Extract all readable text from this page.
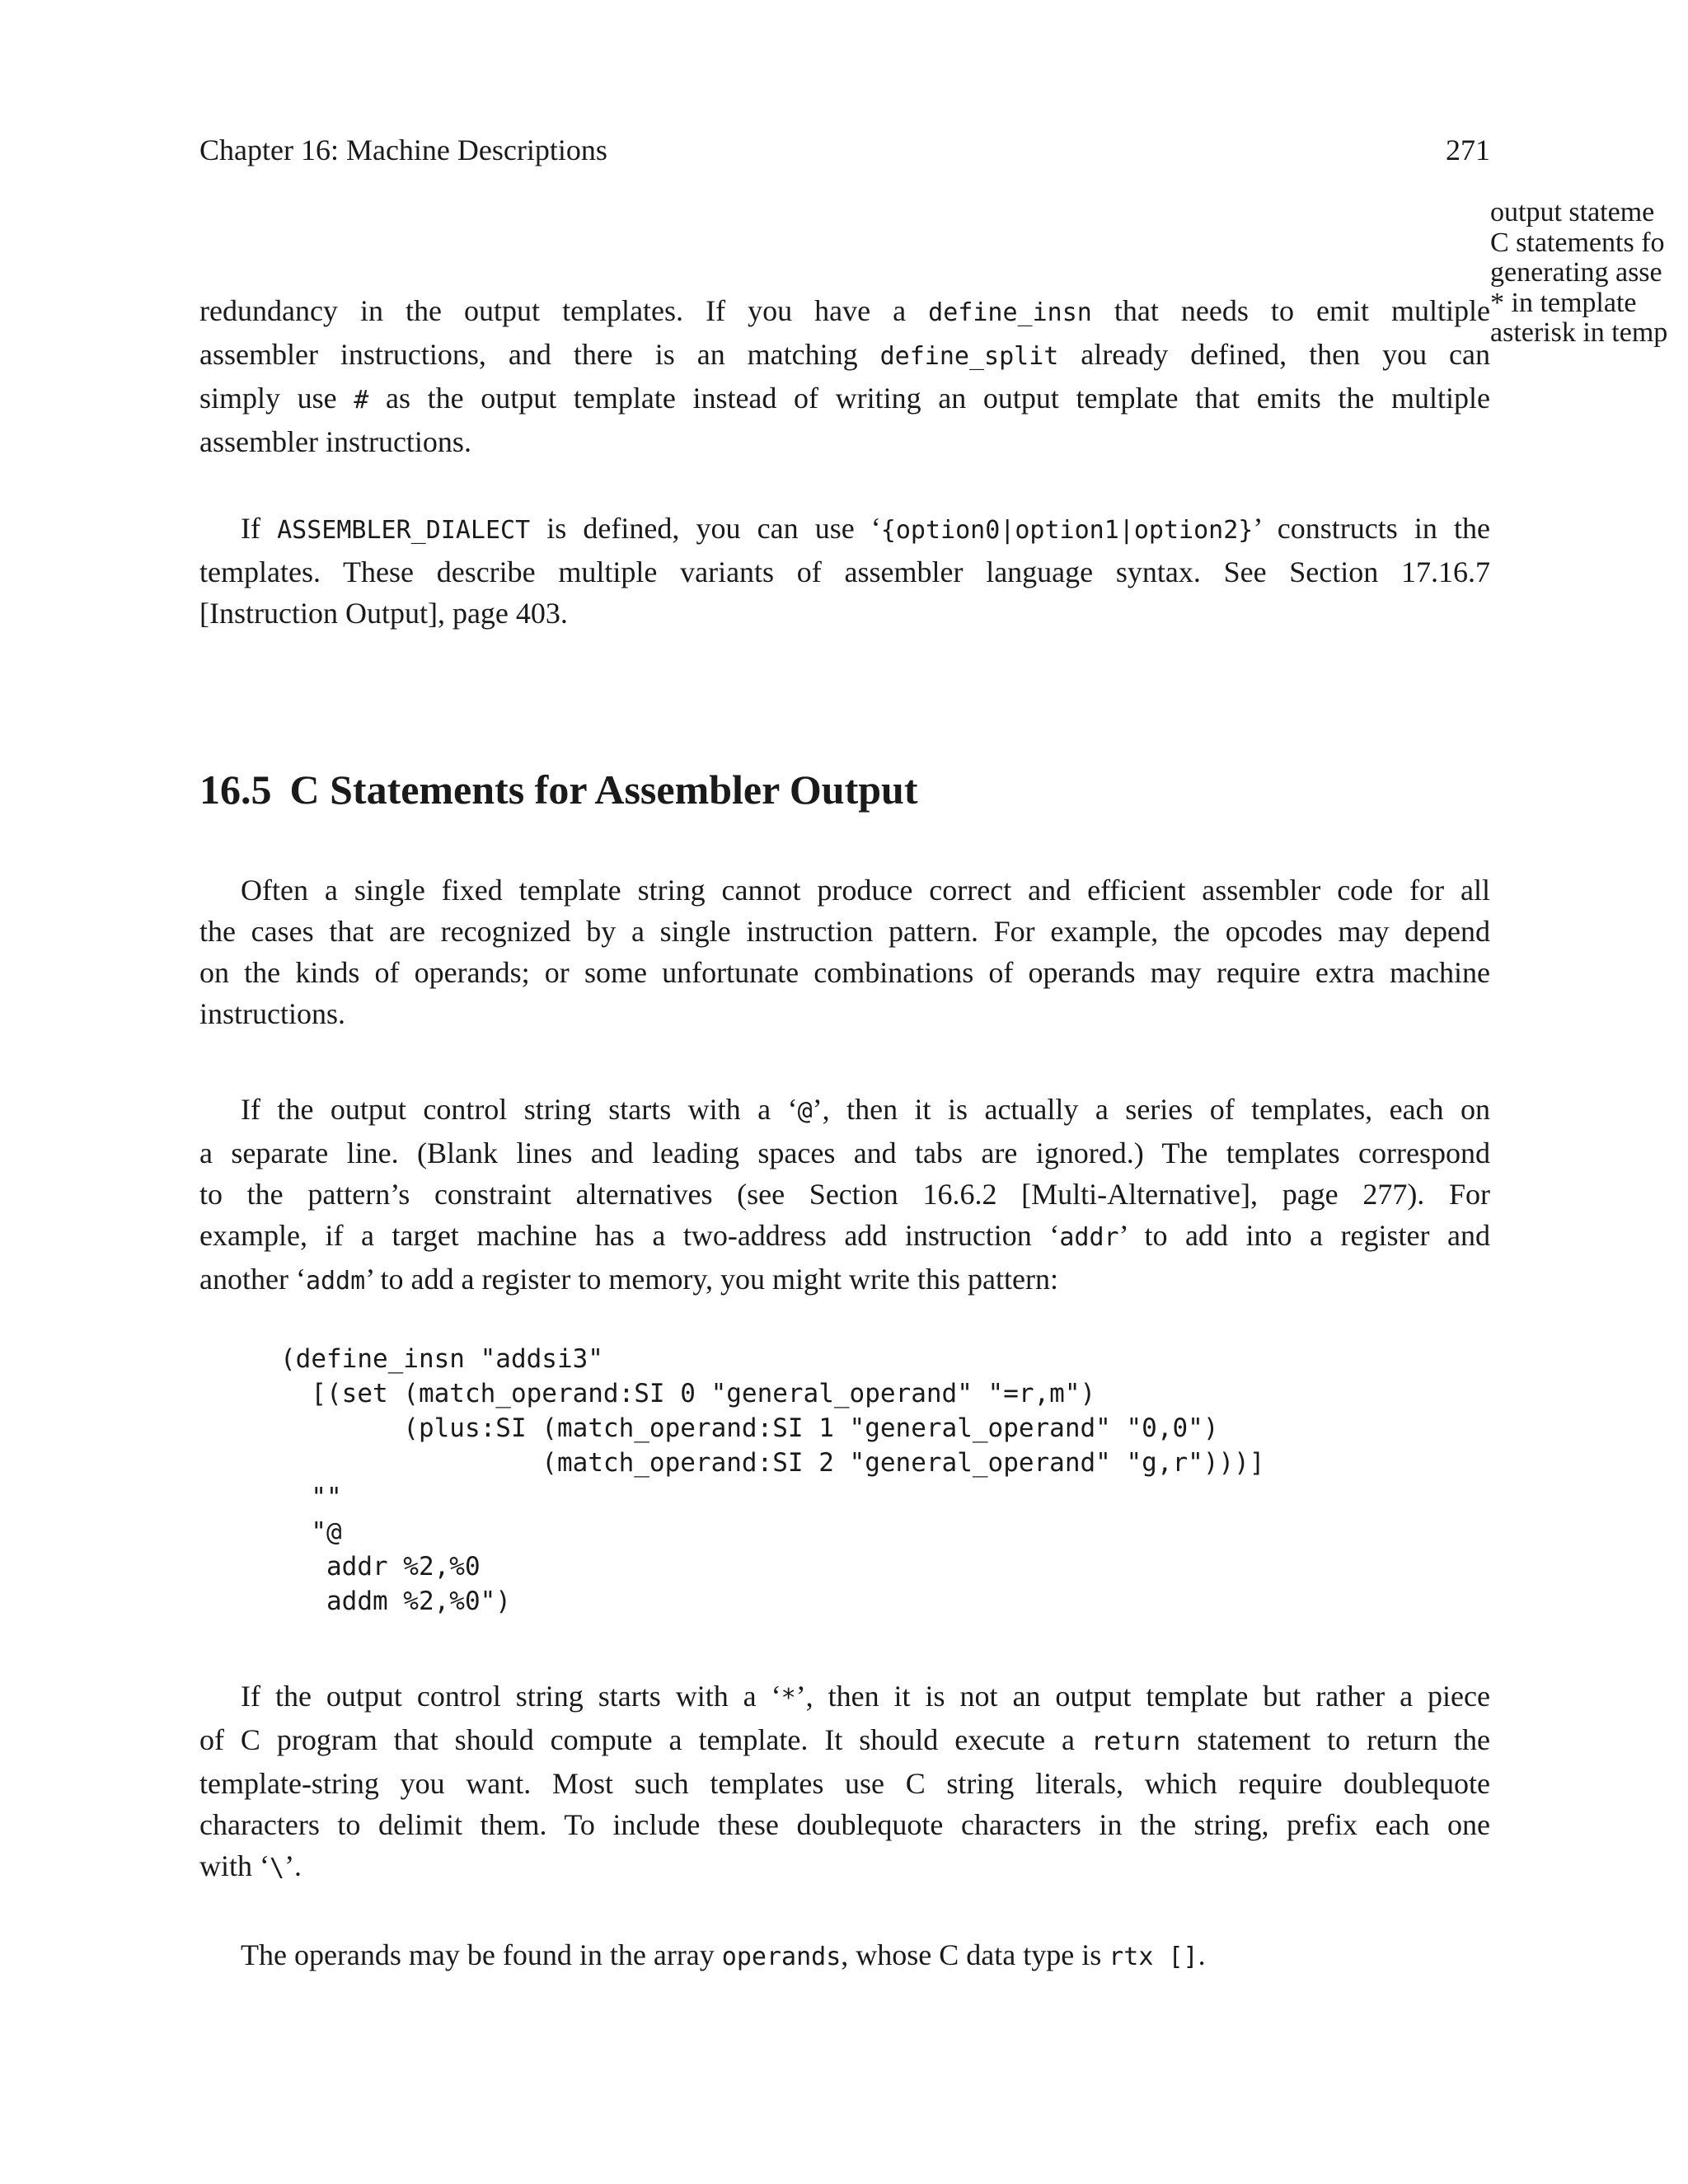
Chapter 16: Machine Descriptions	271
output stateme
C statements fo
generating asse
* in template
asterisk in temp

redundancy in the output templates. If you have a define_insn that needs to emit multiple
assembler instructions, and there is an matching define_split already defined, then you can
simply use # as the output template instead of writing an output template that emits the multiple
assembler instructions.

If ASSEMBLER_DIALECT is defined, you can use ‘{option0|option1|option2}’ constructs in the
templates. These describe multiple variants of assembler language syntax. See Section 17.16.7
[Instruction Output], page 403.

16.5 C Statements for Assembler Output

Often a single fixed template string cannot produce correct and efficient assembler code for all
the cases that are recognized by a single instruction pattern. For example, the opcodes may depend
on the kinds of operands; or some unfortunate combinations of operands may require extra machine
instructions.

If the output control string starts with a ‘@’, then it is actually a series of templates, each on
a separate line. (Blank lines and leading spaces and tabs are ignored.) The templates correspond
to the pattern’s constraint alternatives (see Section 16.6.2 [Multi-Alternative], page 277). For
example, if a target machine has a two-address add instruction ‘addr’ to add into a register and
another ‘addm’ to add a register to memory, you might write this pattern:

(define_insn "addsi3"
[(set (match_operand:SI 0 "general_operand" "=r,m")
(plus:SI (match_operand:SI 1 "general_operand" "0,0")
(match_operand:SI 2 "general_operand" "g,r")))]
""
"@
addr %2,%0
addm %2,%0")

If the output control string starts with a ‘*’, then it is not an output template but rather a piece
of C program that should compute a template. It should execute a return statement to return the
template-string you want. Most such templates use C string literals, which require doublequote
characters to delimit them. To include these doublequote characters in the string, prefix each one
with ‘\’.

The operands may be found in the array operands, whose C data type is rtx [].
